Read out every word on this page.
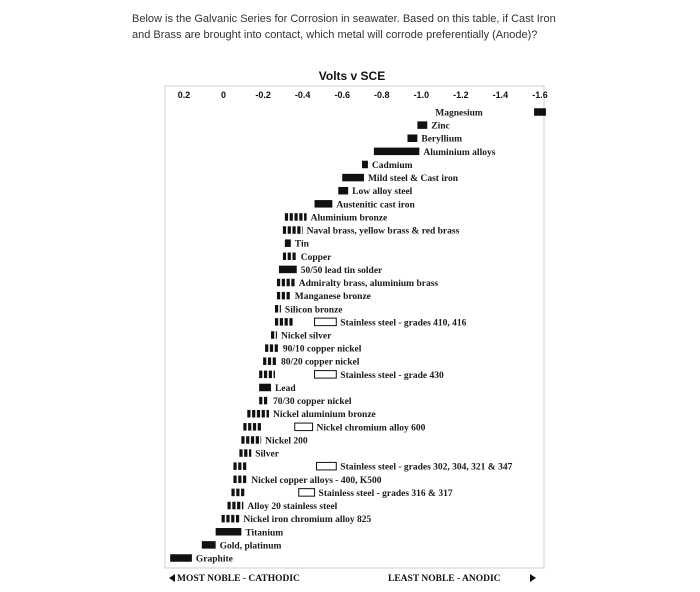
Below is the Galvanic Series for Corrosion in seawater. Based on this table, if Cast Iron and Brass are brought into contact, which metal will corrode preferentially (Anode)?
Volts v SCE
0.2	0	-0.2	-0.4	-0.6	-0.8	-1.0	-1.2	-1.4	-1.6
Magnesium
Zinc
Beryllium
Aluminium alloys
Cadmium
Mild steel & Cast iron
Low alloy steel
Austenitic cast iron
Aluminium bronze
Naval brass, yellow brass & red brass
Tin
Copper
50/50 lead tin solder
Admiralty brass, aluminium brass
Manganese bronze
Silicon bronze
Stainless steel - grades 410, 416
Nickel silver
90/10 copper nickel
80/20 copper nickel
Stainless steel - grade 430
Lead
70/30 copper nickel
Nickel aluminium bronze
Nickel chromium alloy 600
Nickel 200
Silver
Stainless steel - grades 302, 304, 321 & 347
Nickel copper alloys - 400, K500
Stainless steel - grades 316 & 317
Alloy 20 stainless steel
Nickel iron chromium alloy 825
Titanium
Gold, platinum
Graphite
MOST NOBLE - CATHODIC	LEAST NOBLE - ANODIC
